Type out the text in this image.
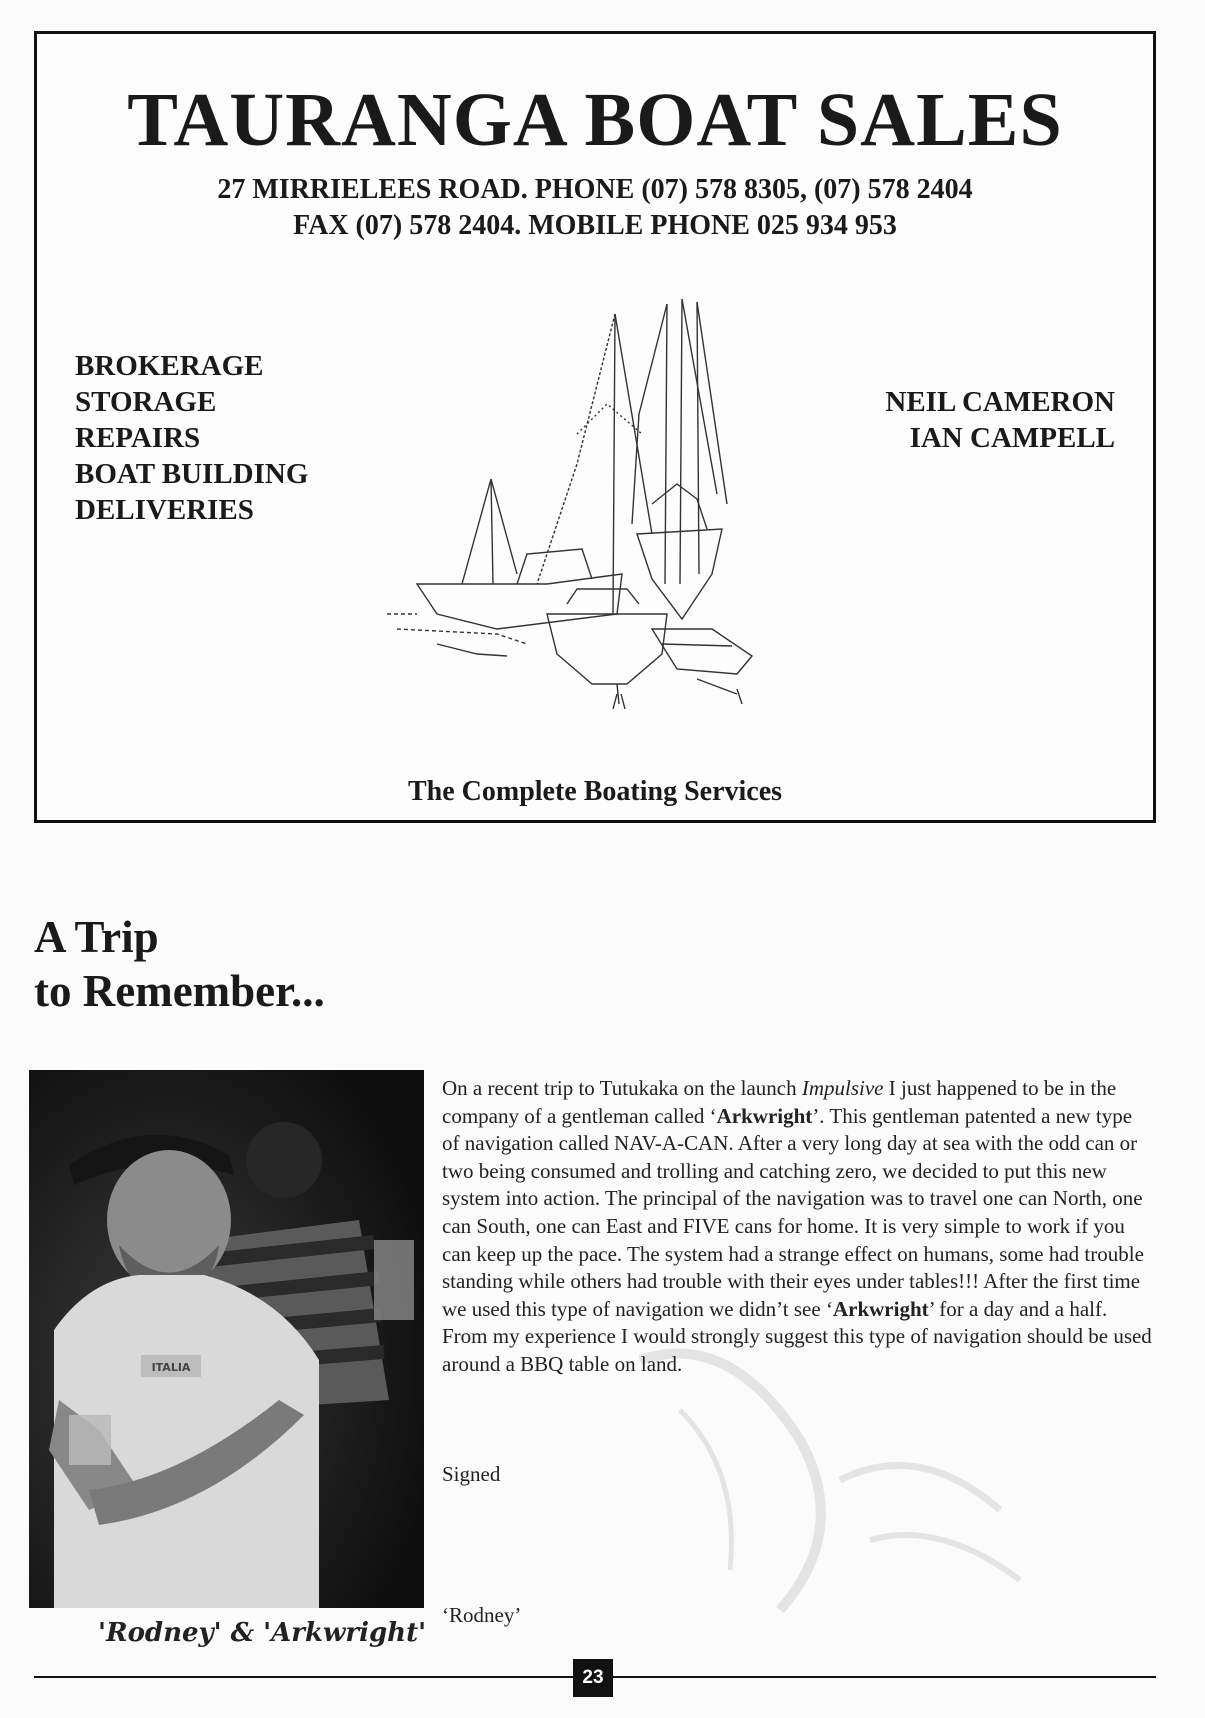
TAURANGA BOAT SALES
27 MIRRIELEES ROAD. PHONE (07) 578 8305, (07) 578 2404
FAX (07) 578 2404. MOBILE PHONE 025 934 953
BROKERAGE
STORAGE
REPAIRS
BOAT BUILDING
DELIVERIES
NEIL CAMERON
IAN CAMPELL
The Complete Boating Services
A Trip
to Remember...
ITALIA
'Rodney' & 'Arkwright'

On a recent trip to Tutukaka on the launch Impulsive I just happened to be in the company of a gentleman called ‘Arkwright’. This gentleman patented a new type of navigation called NAV-A-CAN. After a very long day at sea with the odd can or two being consumed and trolling and catching zero, we decided to put this new system into action. The principal of the navigation was to travel one can North, one can South, one can East and FIVE cans for home. It is very simple to work if you can keep up the pace. The system had a strange effect on humans, some had trouble standing while others had trouble with their eyes under tables!!! After the first time we used this type of navigation we didn’t see ‘Arkwright’ for a day and a half. From my experience I would strongly suggest this type of navigation should be used around a BBQ table on land.

Signed
‘Rodney’
23
